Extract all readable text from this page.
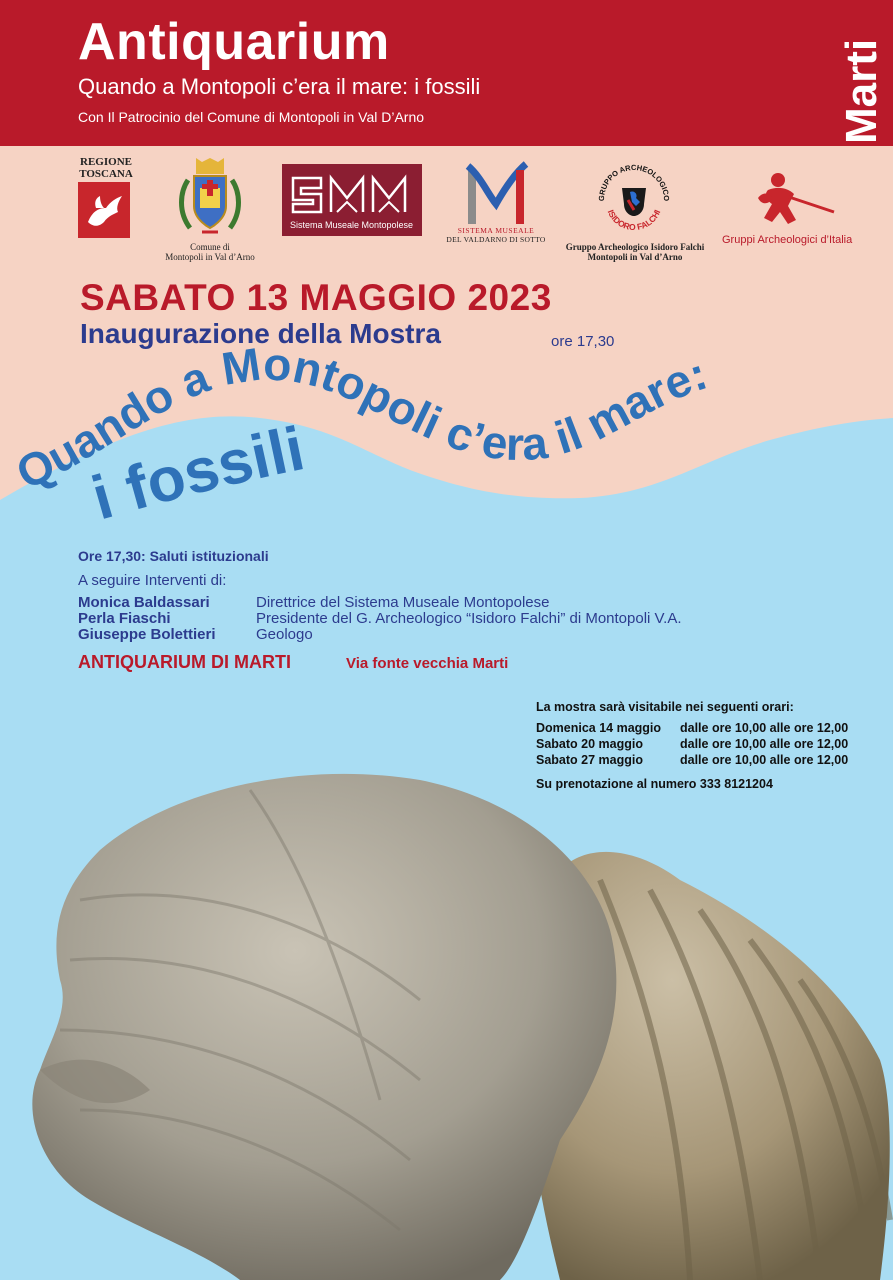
Antiquarium
Quando a Montopoli c’era il mare: i fossili
Con Il Patrocinio del Comune di Montopoli in Val D’Arno	Marti
REGIONE
TOSCANA
Comune di
Montopoli in Val d’Arno
Sistema Museale Montopolese
SISTEMA MUSEALE
DEL VALDARNO DI SOTTO
GRUPPO ARCHEOLOGICO
ISIDORO FALCHI
Gruppo Archeologico Isidoro Falchi
Montopoli in Val d’Arno
Gruppi Archeologici d’Italia
SABATO 13 MAGGIO 2023
Inaugurazione della Mostra	ore 17,30
Quando a Montopoli c’era il mare:
i fossili
Ore 17,30: Saluti istituzionali
A seguire Interventi di:
Monica Baldassari	Direttrice del Sistema Museale Montopolese
Perla Fiaschi	Presidente del G. Archeologico “Isidoro Falchi” di Montopoli V.A.
Giuseppe Bolettieri	Geologo
ANTIQUARIUM DI MARTI	Via fonte vecchia Marti
La mostra sarà visitabile nei seguenti orari:
Domenica 14 maggio dalle ore 10,00 alle ore 12,00
Sabato 20 maggio	dalle ore 10,00 alle ore 12,00
Sabato 27 maggio	dalle ore 10,00 alle ore 12,00
Su prenotazione al numero 333 8121204
